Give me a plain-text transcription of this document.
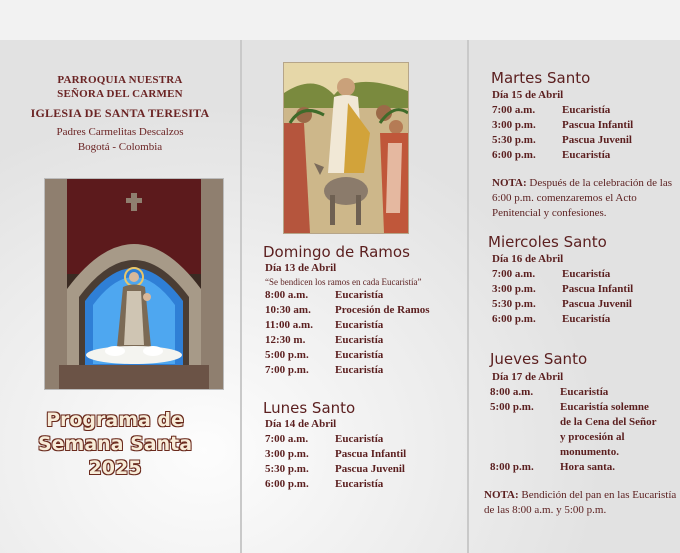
PARROQUIA NUESTRA
SEÑORA DEL CARMEN
IGLESIA DE SANTA TERESITA
Padres Carmelitas Descalzos
Bogotá - Colombia
Programa de
Semana Santa
2025
Domingo de Ramos
Día 13 de Abril
“Se bendicen los ramos en cada Eucaristía”
8:00 a.m.	Eucaristía
10:30 am.	Procesión de Ramos
11:00 a.m.	Eucaristía
12:30 m.	Eucaristía
5:00 p.m.	Eucaristía
7:00 p.m.	Eucaristía
Lunes Santo
Día 14 de Abril
7:00 a.m.	Eucaristía
3:00 p.m.	Pascua Infantil
5:30 p.m.	Pascua Juvenil
6:00 p.m.	Eucaristía
Martes Santo
Día 15 de Abril
7:00 a.m.	Eucaristía
3:00 p.m.	Pascua Infantil
5:30 p.m.	Pascua Juvenil
6:00 p.m.	Eucaristía
NOTA: Después de la celebración de las 6:00 p.m. comenzaremos el Acto Penitencial y confesiones.
Miercoles Santo
Día 16 de Abril
7:00 a.m.	Eucaristía
3:00 p.m.	Pascua Infantil
5:30 p.m.	Pascua Juvenil
6:00 p.m.	Eucaristía
Jueves Santo
Día 17 de Abril
8:00 a.m.	Eucaristía
5:00 p.m.	Eucaristía solemne
de la Cena del Señor
y procesión al
monumento.
8:00 p.m.	Hora santa.
NOTA: Bendición del pan en las Eucaristía de las 8:00 a.m. y 5:00 p.m.
